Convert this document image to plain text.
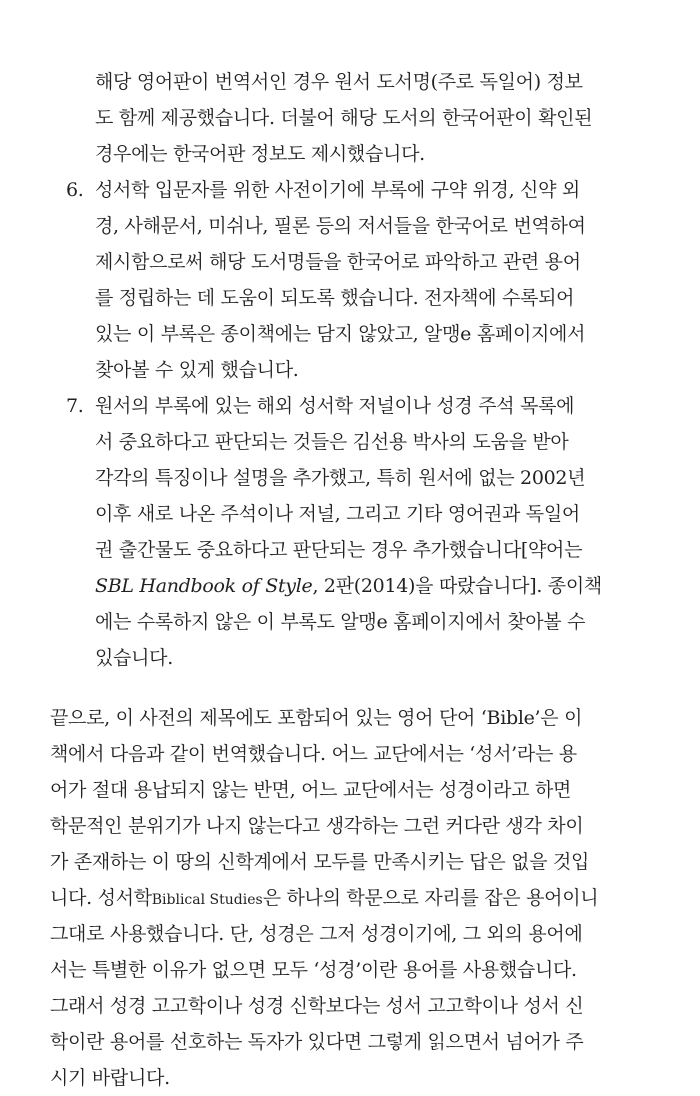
해당 영어판이 번역서인 경우 원서 도서명(주로 독일어) 정보
도 함께 제공했습니다. 더불어 해당 도서의 한국어판이 확인된
경우에는 한국어판 정보도 제시했습니다.
6. 성서학 입문자를 위한 사전이기에 부록에 구약 위경, 신약 외
경, 사해문서, 미쉬나, 필론 등의 저서들을 한국어로 번역하여
제시함으로써 해당 도서명들을 한국어로 파악하고 관련 용어
를 정립하는 데 도움이 되도록 했습니다. 전자책에 수록되어
있는 이 부록은 종이책에는 담지 않았고, 알맹e 홈페이지에서
찾아볼 수 있게 했습니다.
7. 원서의 부록에 있는 해외 성서학 저널이나 성경 주석 목록에
서 중요하다고 판단되는 것들은 김선용 박사의 도움을 받아
각각의 특징이나 설명을 추가했고, 특히 원서에 없는 2002년
이후 새로 나온 주석이나 저널, 그리고 기타 영어권과 독일어
권 출간물도 중요하다고 판단되는 경우 추가했습니다[약어는
SBL Handbook of Style, 2판(2014)을 따랐습니다]. 종이책
에는 수록하지 않은 이 부록도 알맹e 홈페이지에서 찾아볼 수
있습니다.
끝으로, 이 사전의 제목에도 포함되어 있는 영어 단어 ‘Bible’은 이
책에서 다음과 같이 번역했습니다. 어느 교단에서는 ‘성서’라는 용
어가 절대 용납되지 않는 반면, 어느 교단에서는 성경이라고 하면
학문적인 분위기가 나지 않는다고 생각하는 그런 커다란 생각 차이
가 존재하는 이 땅의 신학계에서 모두를 만족시키는 답은 없을 것입
니다. 성서학Biblical Studies은 하나의 학문으로 자리를 잡은 용어이니
그대로 사용했습니다. 단, 성경은 그저 성경이기에, 그 외의 용어에
서는 특별한 이유가 없으면 모두 ‘성경’이란 용어를 사용했습니다.
그래서 성경 고고학이나 성경 신학보다는 성서 고고학이나 성서 신
학이란 용어를 선호하는 독자가 있다면 그렇게 읽으면서 넘어가 주
시기 바랍니다.
